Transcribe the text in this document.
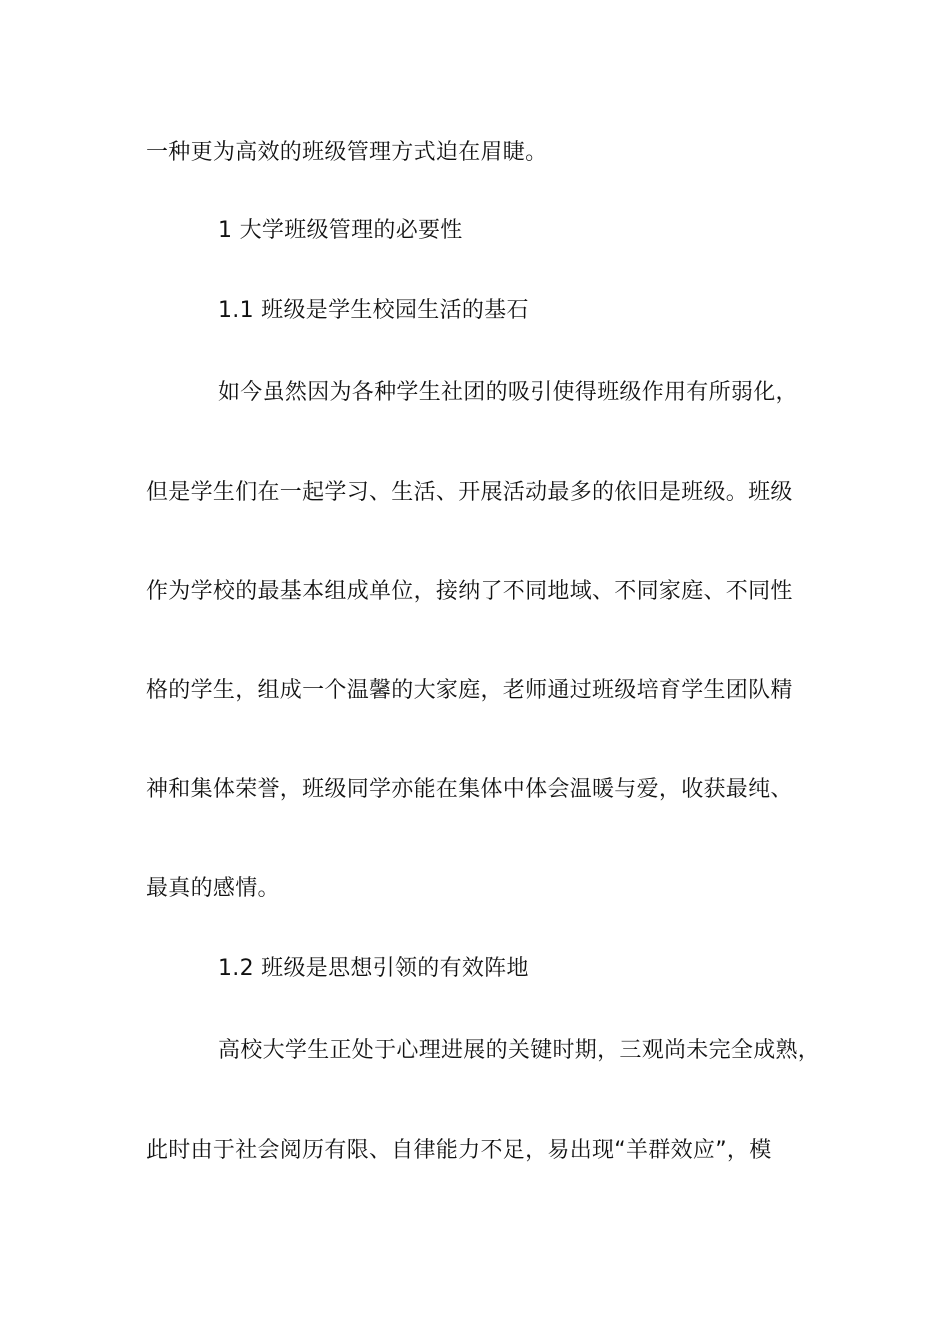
一种更为高效的班级管理方式迫在眉睫。
1 大学班级管理的必要性
1.1 班级是学生校园生活的基石
如今虽然因为各种学生社团的吸引使得班级作用有所弱化，
但是学生们在一起学习、生活、开展活动最多的依旧是班级。班级
作为学校的最基本组成单位，接纳了不同地域、不同家庭、不同性
格的学生，组成一个温馨的大家庭，老师通过班级培育学生团队精
神和集体荣誉，班级同学亦能在集体中体会温暖与爱，收获最纯、
最真的感情。
1.2 班级是思想引领的有效阵地
高校大学生正处于心理进展的关键时期，三观尚未完全成熟，
此时由于社会阅历有限、自律能力不足，易出现“羊群效应”，模
